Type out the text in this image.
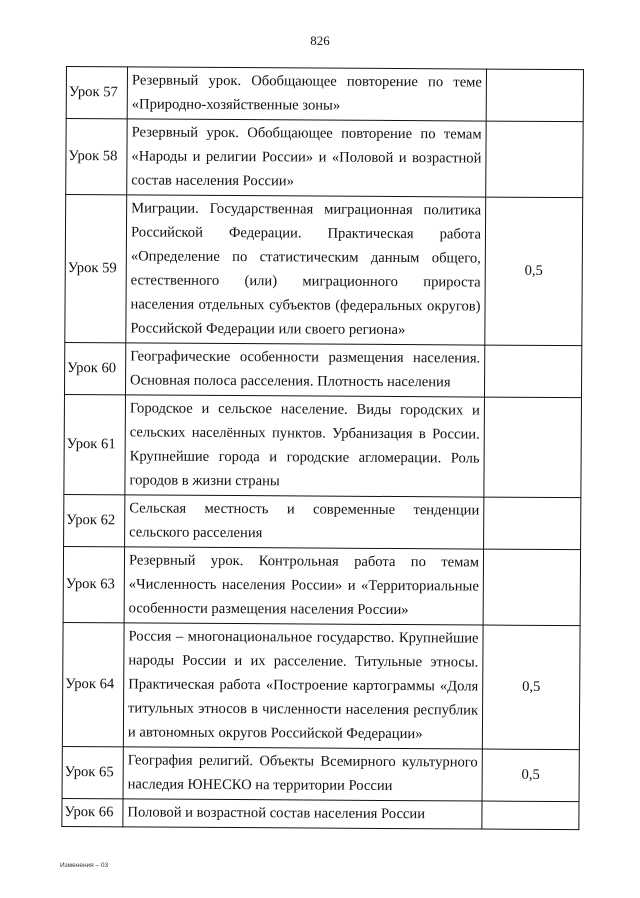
826
Урок 57	Резервный урок. Обобщающее повторение по теме «Природно-хозяйственные зоны»	
Урок 58	Резервный урок. Обобщающее повторение по темам «Народы и религии России» и «Половой и возрастной состав населения России»	
Урок 59	Миграции. Государственная миграционная политика Российской Федерации. Практическая работа «Определение по статистическим данным общего, естественного (или) миграционного прироста населения отдельных субъектов (федеральных округов) Российской Федерации или своего региона»	0,5
Урок 60	Географические особенности размещения населения. Основная полоса расселения. Плотность населения	
Урок 61	Городское и сельское население. Виды городских и сельских населённых пунктов. Урбанизация в России. Крупнейшие города и городские агломерации. Роль городов в жизни страны	
Урок 62	Сельская местность и современные тенденции сельского расселения	
Урок 63	Резервный урок. Контрольная работа по темам «Численность населения России» и «Территориальные особенности размещения населения России»	
Урок 64	Россия – многонациональное государство. Крупнейшие народы России и их расселение. Титульные этносы. Практическая работа «Построение картограммы «Доля титульных этносов в численности населения республик и автономных округов Российской Федерации»	0,5
Урок 65	География религий. Объекты Всемирного культурного наследия ЮНЕСКО на территории России	0,5
Урок 66	Половой и возрастной состав населения России	
Изменения – 03
